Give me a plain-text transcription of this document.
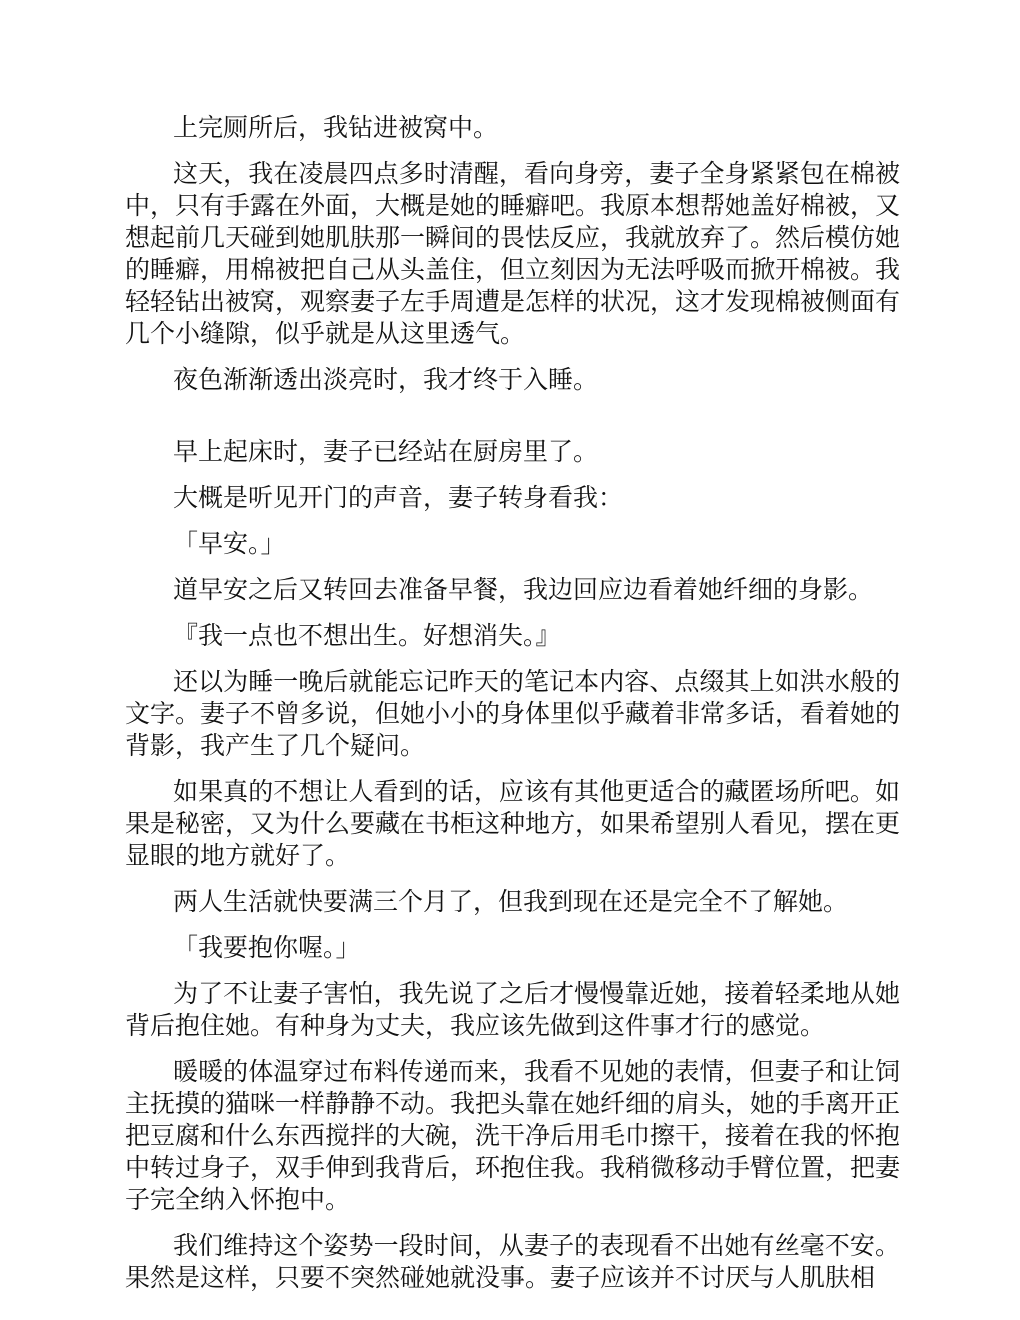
上完厕所后，我钻进被窝中。

这天，我在凌晨四点多时清醒，看向身旁，妻子全身紧紧包在棉被中，只有手露在外面，大概是她的睡癖吧。我原本想帮她盖好棉被，又想起前几天碰到她肌肤那一瞬间的畏怯反应，我就放弃了。然后模仿她的睡癖，用棉被把自己从头盖住，但立刻因为无法呼吸而掀开棉被。我轻轻钻出被窝，观察妻子左手周遭是怎样的状况，这才发现棉被侧面有几个小缝隙，似乎就是从这里透气。

夜色渐渐透出淡亮时，我才终于入睡。

早上起床时，妻子已经站在厨房里了。

大概是听见开门的声音，妻子转身看我：

「早安。」

道早安之后又转回去准备早餐，我边回应边看着她纤细的身影。

『我一点也不想出生。好想消失。』

还以为睡一晚后就能忘记昨天的笔记本内容、点缀其上如洪水般的文字。妻子不曾多说，但她小小的身体里似乎藏着非常多话，看着她的背影，我产生了几个疑问。

如果真的不想让人看到的话，应该有其他更适合的藏匿场所吧。如果是秘密，又为什么要藏在书柜这种地方，如果希望别人看见，摆在更显眼的地方就好了。

两人生活就快要满三个月了，但我到现在还是完全不了解她。

「我要抱你喔。」

为了不让妻子害怕，我先说了之后才慢慢靠近她，接着轻柔地从她背后抱住她。有种身为丈夫，我应该先做到这件事才行的感觉。

暖暖的体温穿过布料传递而来，我看不见她的表情，但妻子和让饲主抚摸的猫咪一样静静不动。我把头靠在她纤细的肩头，她的手离开正把豆腐和什么东西搅拌的大碗，洗干净后用毛巾擦干，接着在我的怀抱中转过身子，双手伸到我背后，环抱住我。我稍微移动手臂位置，把妻子完全纳入怀抱中。

我们维持这个姿势一段时间，从妻子的表现看不出她有丝毫不安。果然是这样，只要不突然碰她就没事。妻子应该并不讨厌与人肌肤相
